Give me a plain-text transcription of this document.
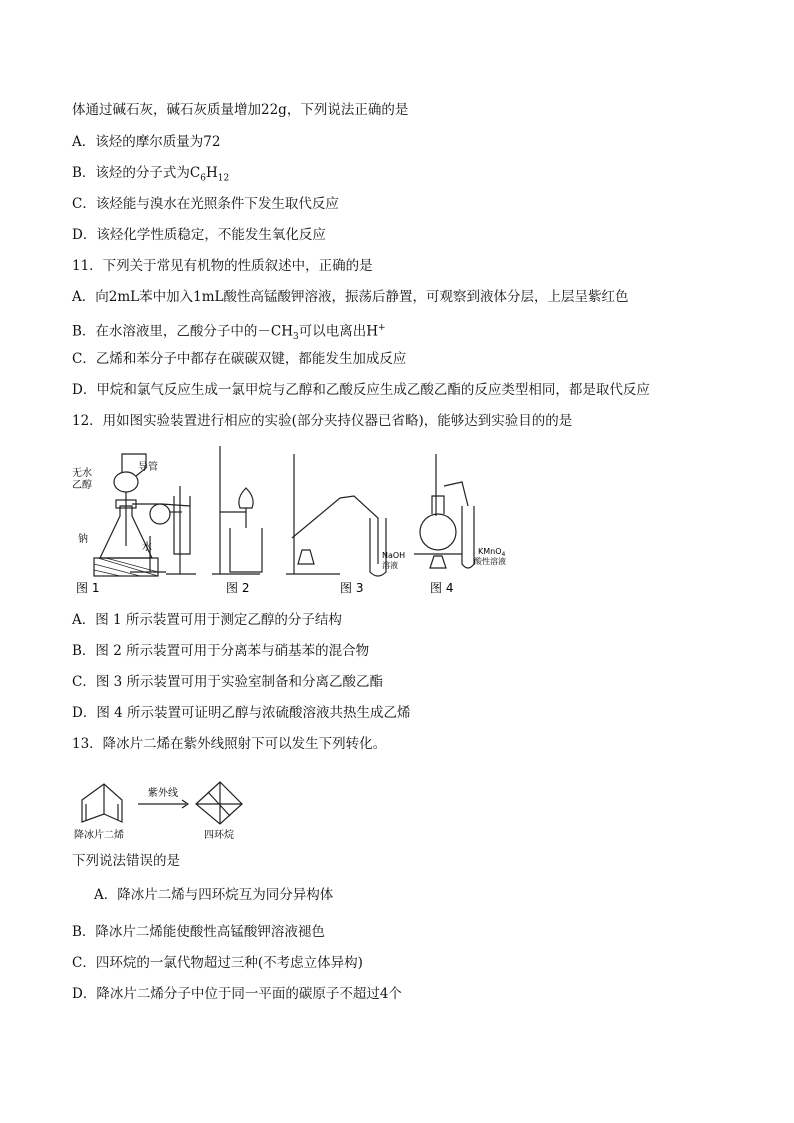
体通过碱石灰，碱石灰质量增加22g，下列说法正确的是
A．该烃的摩尔质量为72
B．该烃的分子式为$C_6H_{12}$
C．该烃能与溴水在光照条件下发生取代反应
D．该烃化学性质稳定，不能发生氧化反应
11．下列关于常见有机物的性质叙述中，正确的是
A．向2mL苯中加入1mL酸性高锰酸钾溶液，振荡后静置，可观察到液体分层，上层呈紫红色
B．在水溶液里，乙酸分子中的$-CH_3$可以电离出H+
C．乙烯和苯分子中都存在碳碳双键，都能发生加成反应
D．甲烷和氯气反应生成一氯甲烷与乙醇和乙酸反应生成乙酸乙酯的反应类型相同，都是取代反应
12．用如图实验装置进行相应的实验(部分夹持仪器已省略)，能够达到实验目的的是
无水
乙醇
导管
钠
水
NaOH
溶液
KMnO$_4$
酸性溶液
图 1	图 2	图 3	图 4
A．图 1 所示装置可用于测定乙醇的分子结构
B．图 2 所示装置可用于分离苯与硝基苯的混合物
C．图 3 所示装置可用于实验室制备和分离乙酸乙酯
D．图 4 所示装置可证明乙醇与浓硫酸溶液共热生成乙烯
13．降冰片二烯在紫外线照射下可以发生下列转化。
紫外线
降冰片二烯	四环烷
下列说法错误的是
A．降冰片二烯与四环烷互为同分异构体
B．降冰片二烯能使酸性高锰酸钾溶液褪色
C．四环烷的一氯代物超过三种(不考虑立体异构)
D．降冰片二烯分子中位于同一平面的碳原子不超过4个
